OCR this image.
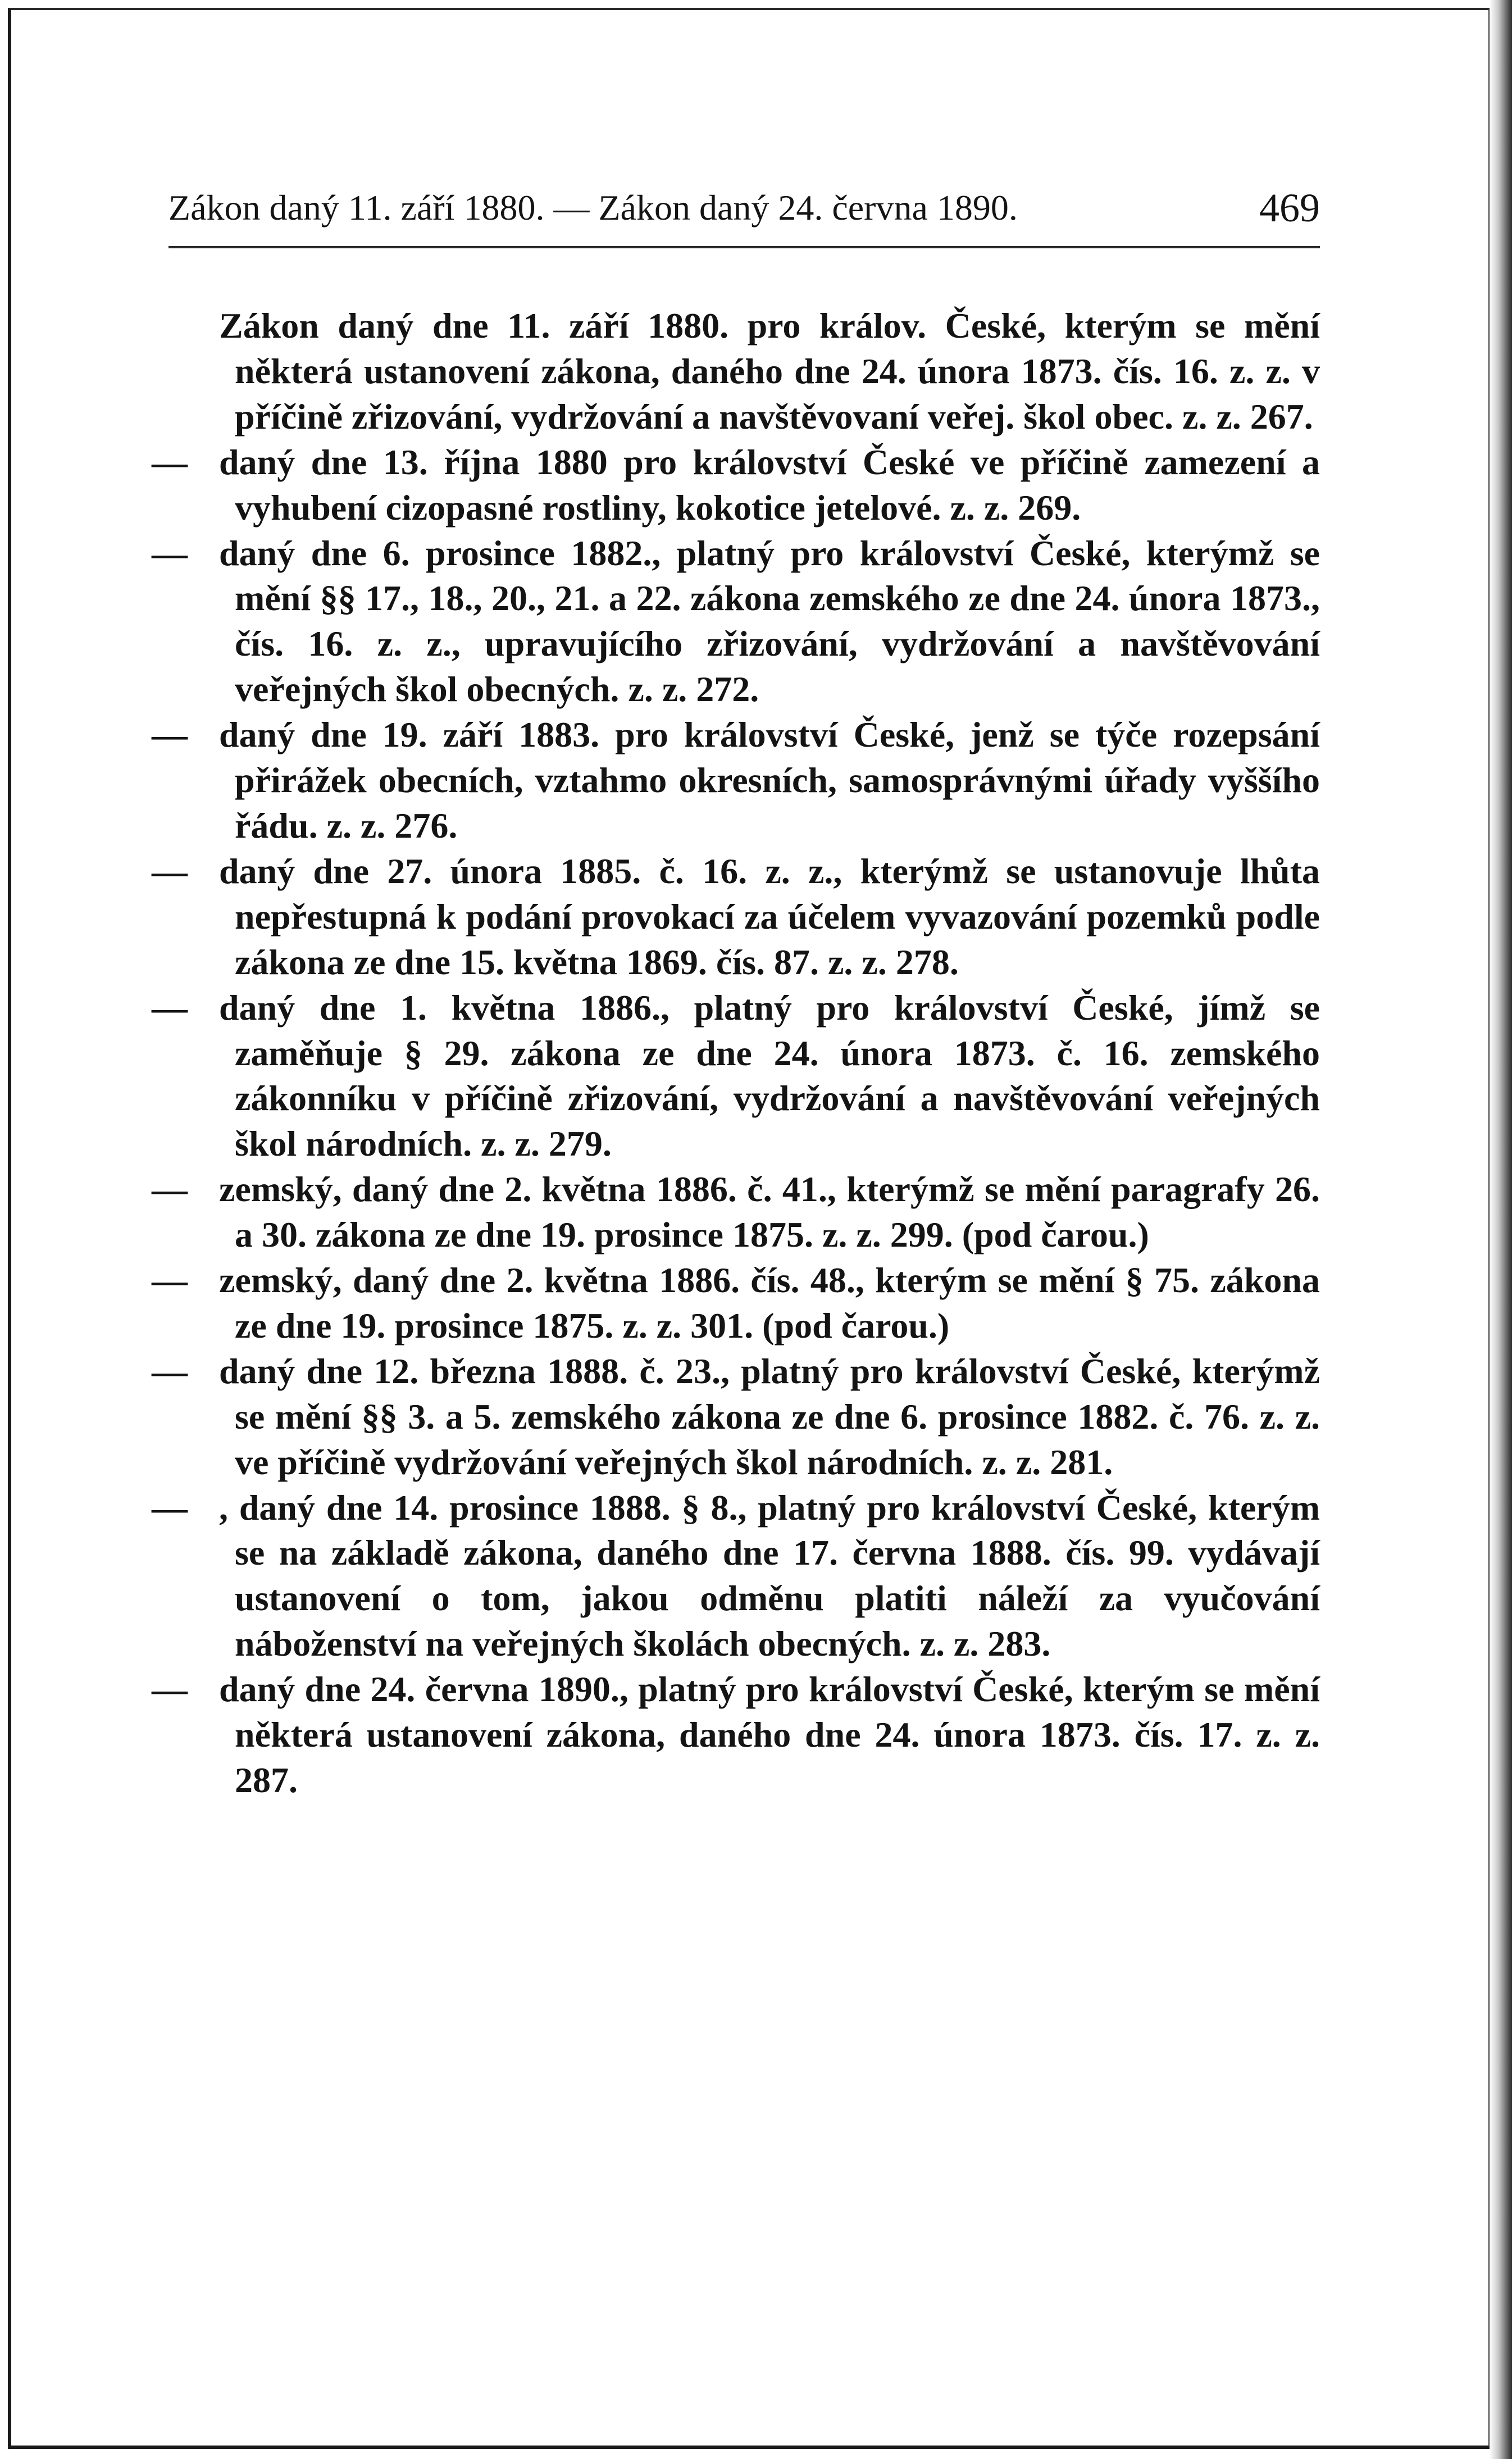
Zákon daný 11. září 1880. — Zákon daný 24. června 1890.	469

Zákon daný dne 11. září 1880. pro králov. České, kterým se mění některá ustanovení zákona, daného dne 24. února 1873. čís. 16. z. z. v příčině zřizování, vydržování a navštěvovaní veřej. škol obec. z. z. 267.

— daný dne 13. října 1880 pro království České ve příčině zamezení a vyhubení cizopasné rostliny, kokotice jetelové. z. z. 269.

— daný dne 6. prosince 1882., platný pro království České, kterýmž se mění §§ 17., 18., 20., 21. a 22. zákona zemského ze dne 24. února 1873., čís. 16. z. z., upravujícího zřizování, vydržování a navštěvování veřejných škol obecných. z. z. 272.

— daný dne 19. září 1883. pro království České, jenž se týče rozepsání přirážek obecních, vztahmo okresních, samosprávnými úřady vyššího řádu. z. z. 276.

— daný dne 27. února 1885. č. 16. z. z., kterýmž se ustanovuje lhůta nepřestupná k podání provokací za účelem vyvazování pozemků podle zákona ze dne 15. května 1869. čís. 87. z. z. 278.

— daný dne 1. května 1886., platný pro království České, jímž se zaměňuje § 29. zákona ze dne 24. února 1873. č. 16. zemského zákonníku v příčině zřizování, vydržování a navštěvování veřejných škol národních. z. z. 279.

— zemský, daný dne 2. května 1886. č. 41., kterýmž se mění paragrafy 26. a 30. zákona ze dne 19. prosince 1875. z. z. 299. (pod čarou.)

— zemský, daný dne 2. května 1886. čís. 48., kterým se mění § 75. zákona ze dne 19. prosince 1875. z. z. 301. (pod čarou.)

— daný dne 12. března 1888. č. 23., platný pro království České, kterýmž se mění §§ 3. a 5. zemského zákona ze dne 6. prosince 1882. č. 76. z. z. ve příčině vydržování veřejných škol národních. z. z. 281.

— , daný dne 14. prosince 1888. § 8., platný pro království České, kterým se na základě zákona, daného dne 17. června 1888. čís. 99. vydávají ustanovení o tom, jakou odměnu platiti náleží za vyučování náboženství na veřejných školách obecných. z. z. 283.

— daný dne 24. června 1890., platný pro království České, kterým se mění některá ustanovení zákona, daného dne 24. února 1873. čís. 17. z. z. 287.
